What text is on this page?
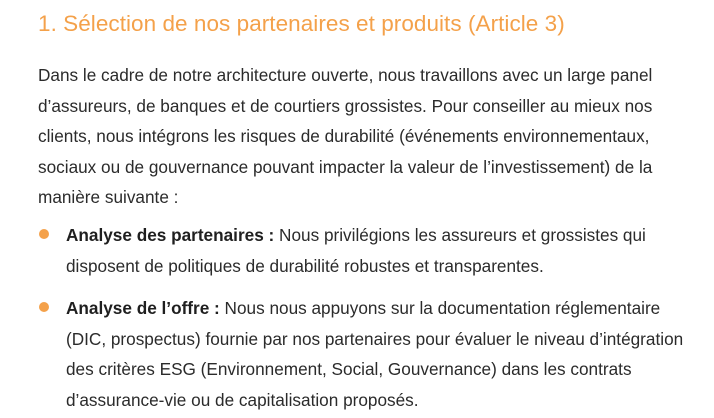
1. Sélection de nos partenaires et produits (Article 3)

Dans le cadre de notre architecture ouverte, nous travaillons avec un large panel d’assureurs, de banques et de courtiers grossistes. Pour conseiller au mieux nos clients, nous intégrons les risques de durabilité (événements environnementaux, sociaux ou de gouvernance pouvant impacter la valeur de l’investissement) de la manière suivante :

Analyse des partenaires : Nous privilégions les assureurs et grossistes qui disposent de politiques de durabilité robustes et transparentes.
Analyse de l’offre : Nous nous appuyons sur la documentation réglementaire (DIC, prospectus) fournie par nos partenaires pour évaluer le niveau d’intégration des critères ESG (Environnement, Social, Gouvernance) dans les contrats d’assurance-vie ou de capitalisation proposés.
